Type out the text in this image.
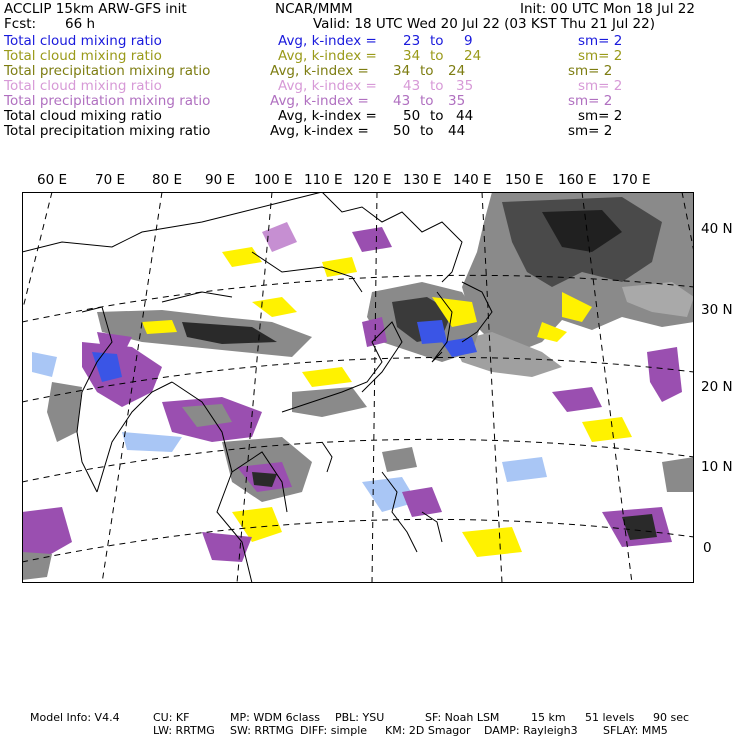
ACCLIP 15km ARW-GFS init	NCAR/MMM	Init: 00 UTC Mon 18 Jul 22
Fcst: 66 h	Valid: 18 UTC Wed 20 Jul 22 (03 KST Thu 21 Jul 22)
Total cloud mixing ratio	Avg, k-index = 23 to 9	sm= 2
Total cloud mixing ratio	Avg, k-index = 34 to 24	sm= 2
Total precipitation mixing ratio	Avg, k-index = 34 to 24	sm= 2
Total cloud mixing ratio	Avg, k-index = 43 to 35	sm= 2
Total precipitation mixing ratio	Avg, k-index = 43 to 35	sm= 2
Total cloud mixing ratio	Avg, k-index = 50 to 44	sm= 2
Total precipitation mixing ratio	Avg, k-index = 50 to 44	sm= 2
60 E 70 E 80 E 90 E 100 E 110 E 120 E 130 E 140 E 150 E 160 E 170 E
40 N
30 N
20 N
10 N
0
Model Info: V4.4	CU: KF	MP: WDM 6class PBL: YSU	SF: Noah LSM	15 km 51 levels 90 sec
LW: RRTMG SW: RRTMG DIFF: simple KM: 2D Smagor DAMP: Rayleigh3 SFLAY: MM5
